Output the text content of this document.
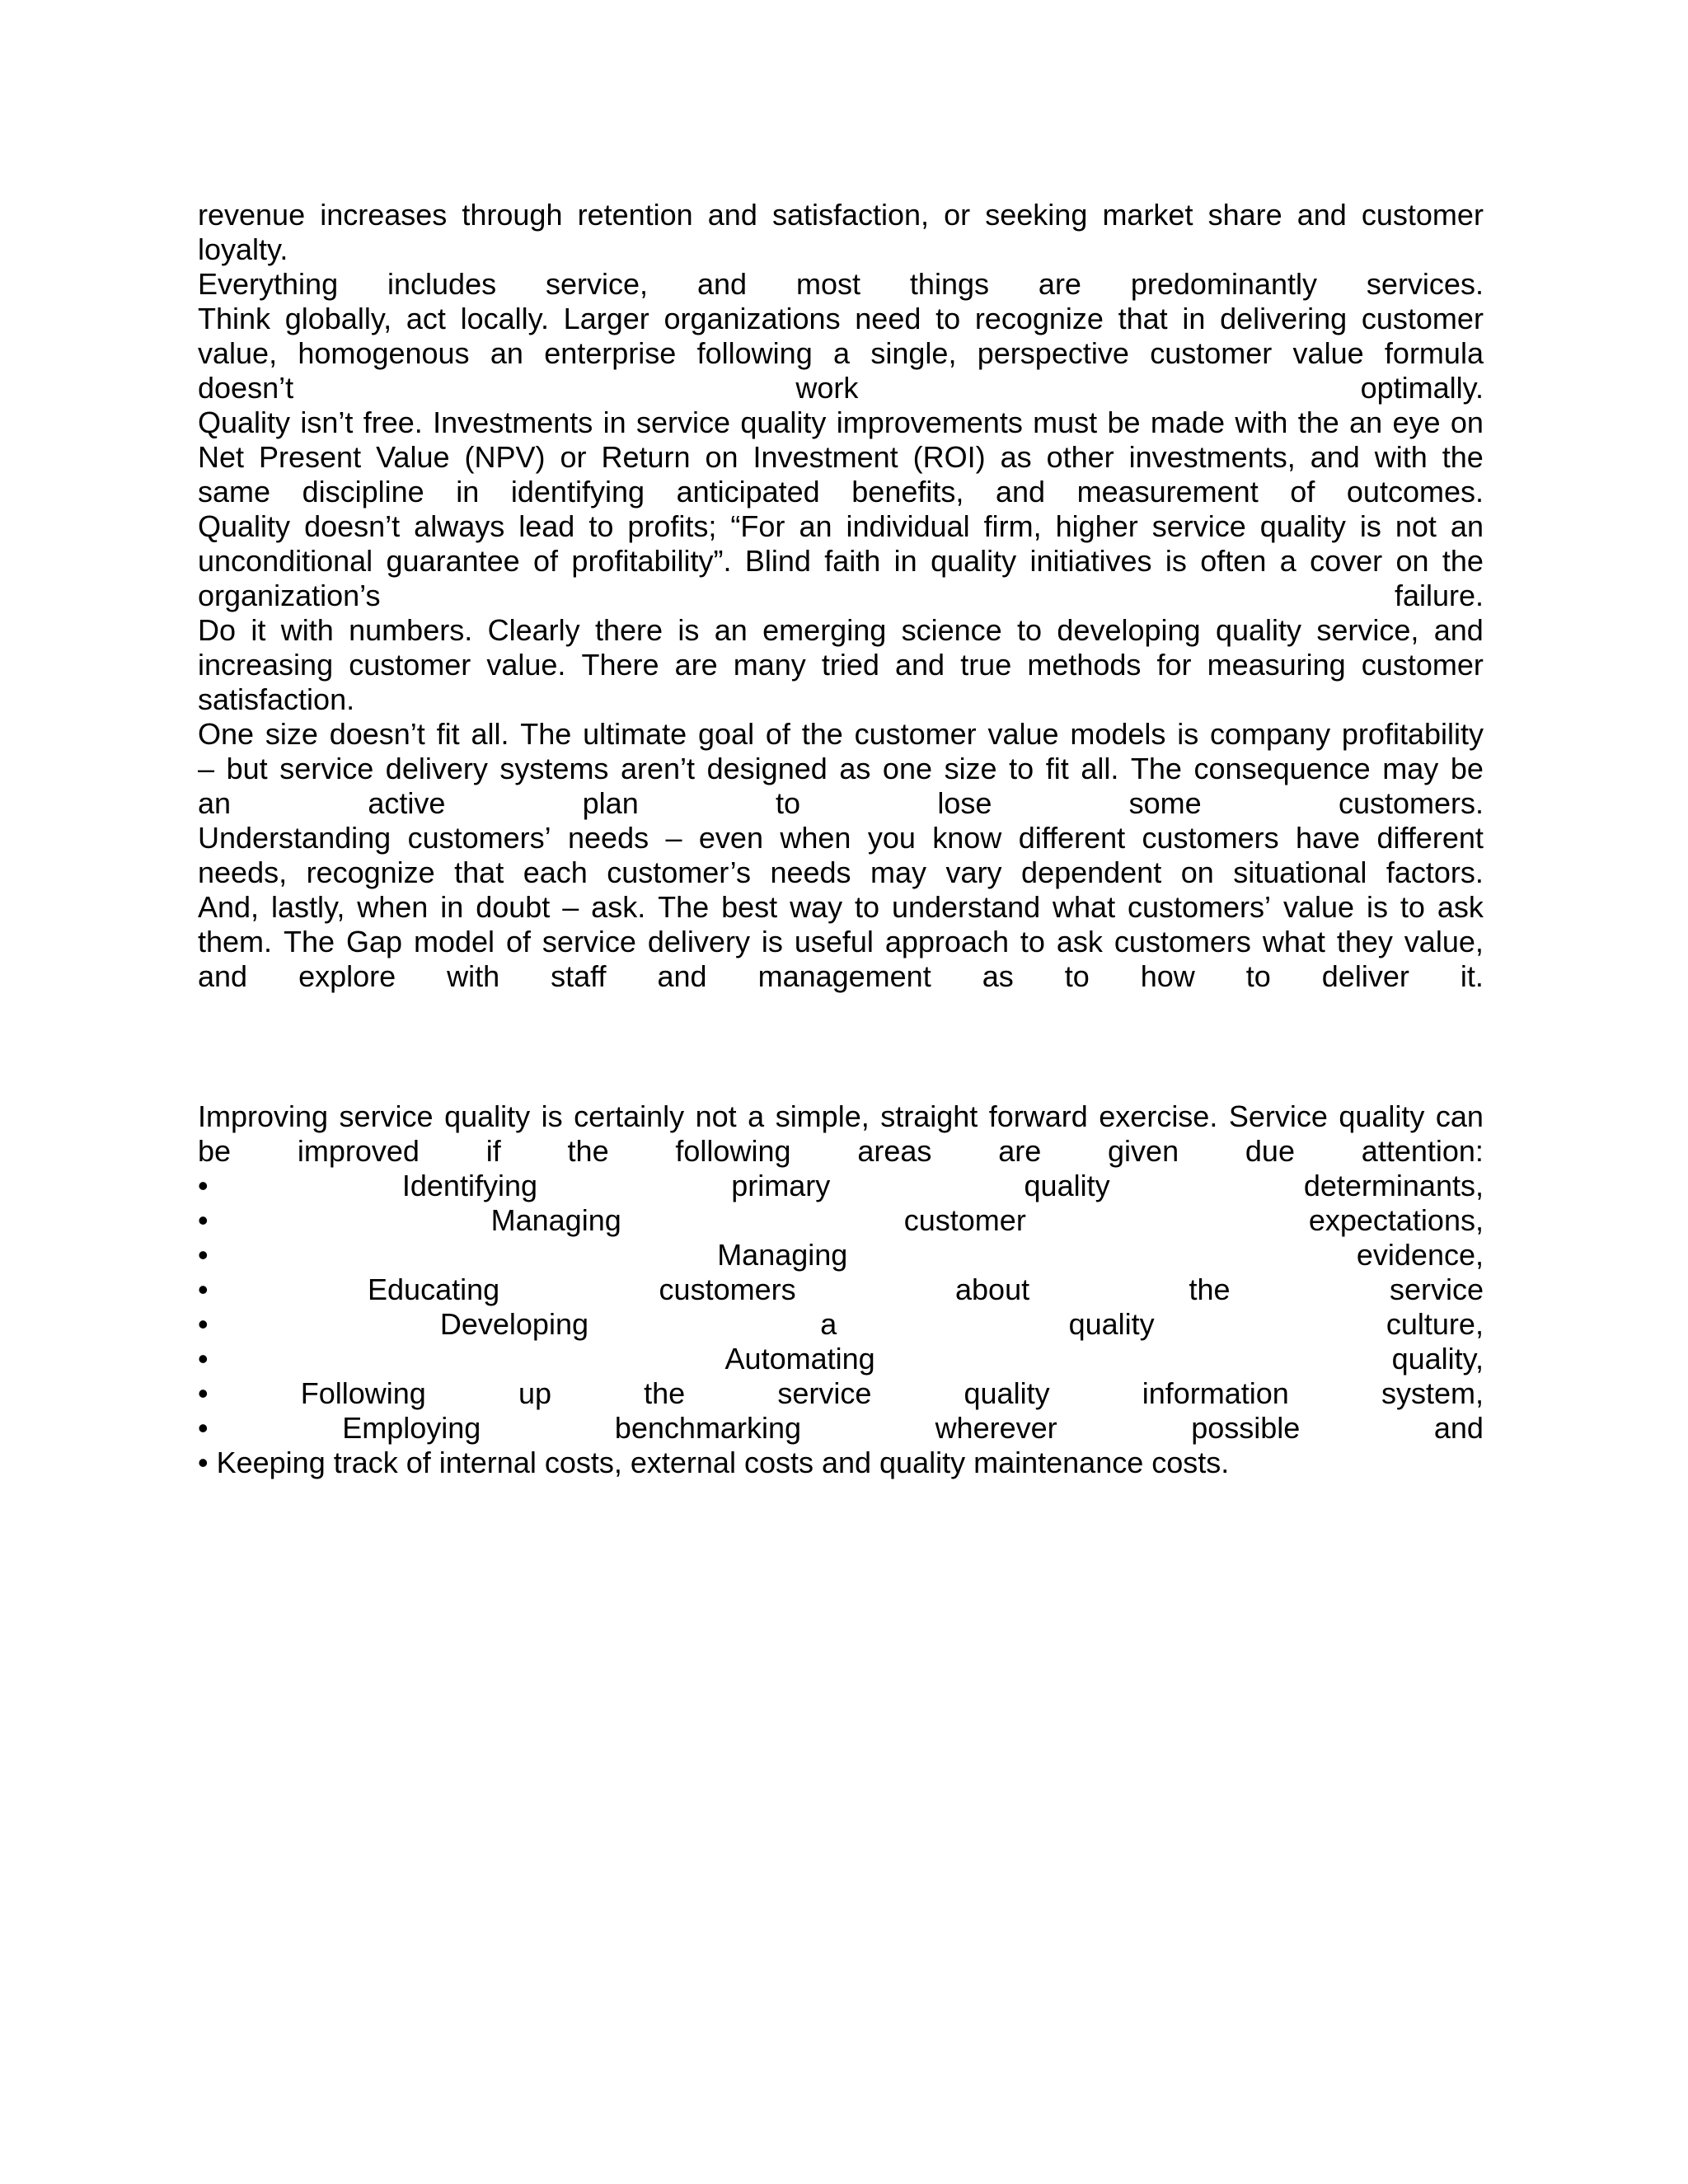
revenue increases through retention and satisfaction, or seeking market share and customer
loyalty.
Everything includes service, and most things are predominantly services.
Think globally, act locally. Larger organizations need to recognize that in delivering customer
value, homogenous an enterprise following a single, perspective customer value formula
doesn’t	work	optimally.
Quality isn’t free. Investments in service quality improvements must be made with the an eye on
Net Present Value (NPV) or Return on Investment (ROI) as other investments, and with the
same discipline in identifying anticipated benefits, and measurement of outcomes.
Quality doesn’t always lead to profits; “For an individual firm, higher service quality is not an
unconditional guarantee of profitability”. Blind faith in quality initiatives is often a cover on the
organization’s	failure.
Do it with numbers. Clearly there is an emerging science to developing quality service, and
increasing customer value. There are many tried and true methods for measuring customer
satisfaction.
One size doesn’t fit all. The ultimate goal of the customer value models is company profitability
– but service delivery systems aren’t designed as one size to fit all. The consequence may be
an	active	plan	to	lose	some	customers.
Understanding customers’ needs – even when you know different customers have different
needs, recognize that each customer’s needs may vary dependent on situational factors.
And, lastly, when in doubt – ask. The best way to understand what customers’ value is to ask
them. The Gap model of service delivery is useful approach to ask customers what they value,
and explore with staff and management as to how to deliver it.
Improving service quality is certainly not a simple, straight forward exercise. Service quality can
be improved if the following areas are given due attention:
•	Identifying	primary	quality	determinants,
•	Managing	customer	expectations,
•	Managing	evidence,
•	Educating	customers	about	the	service
•	Developing	a	quality	culture,
•	Automating	quality,
•	Following	up	the	service	quality	information	system,
•	Employing	benchmarking	wherever	possible	and
• Keeping track of internal costs, external costs and quality maintenance costs.
